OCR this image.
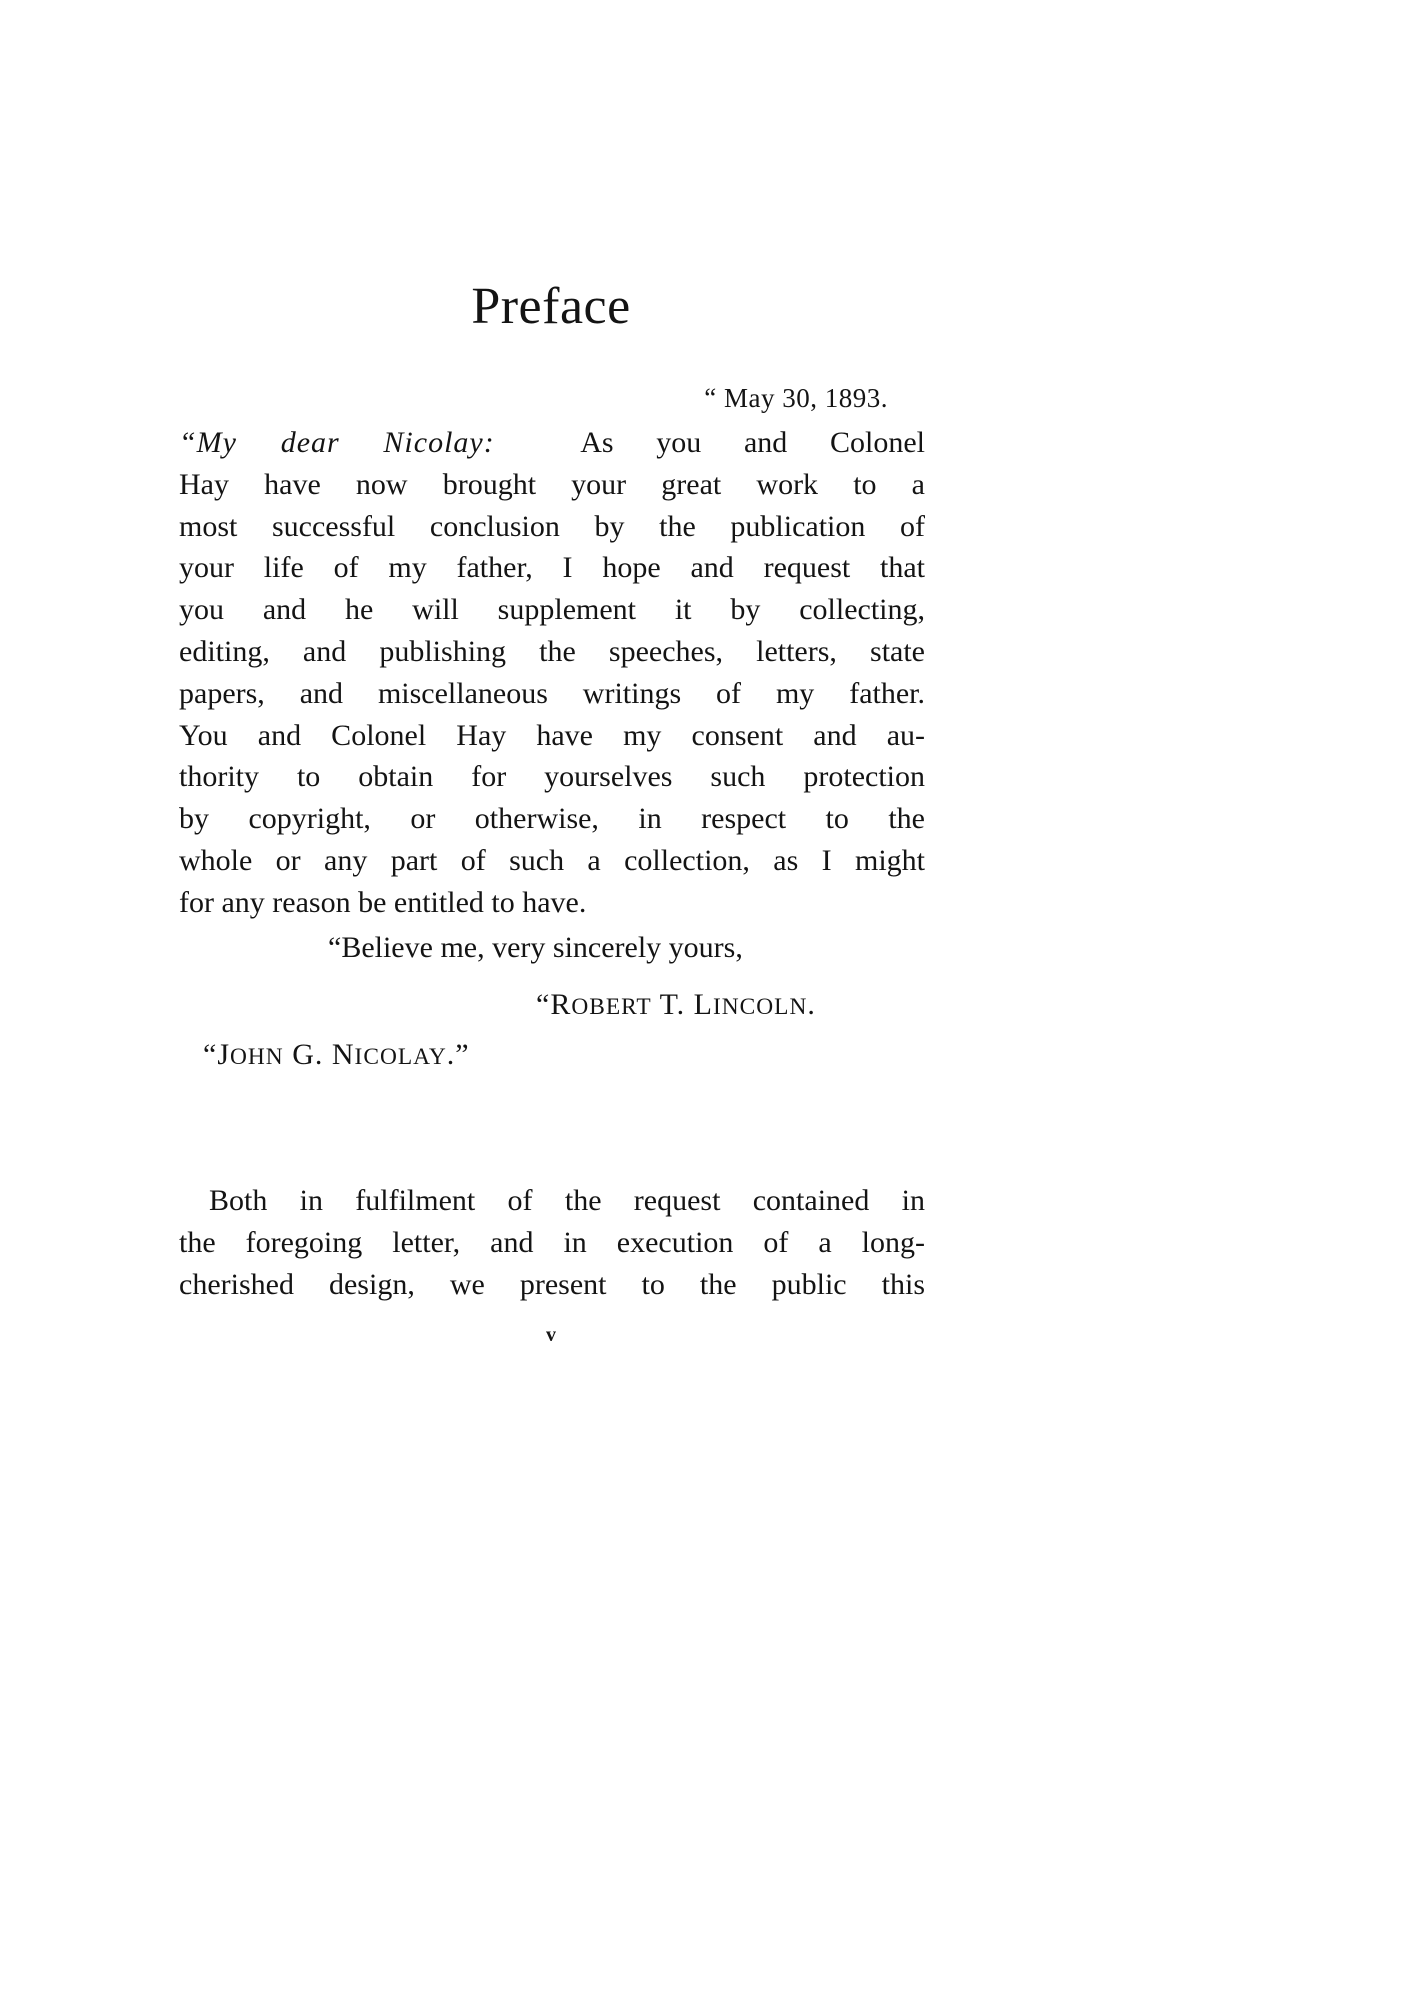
Preface
“ May 30, 1893.
“My dear Nicolay:	As you and Colonel
Hay have now brought your great work to a
most successful conclusion by the publication of
your life of my father, I hope and request that
you and he will supplement it by collecting,
editing, and publishing the speeches, letters, state
papers, and miscellaneous writings of my father.
You and Colonel Hay have my consent and au-
thority to obtain for yourselves such protection
by copyright, or otherwise, in respect to the
whole or any part of such a collection, as I might
for any reason be entitled to have.
“Believe me, very sincerely yours,
“ROBERT T. LINCOLN.
“JOHN G. NICOLAY.”
Both in fulfilment of the request contained in
the foregoing letter, and in execution of a long-
cherished design, we present to the public this
v
